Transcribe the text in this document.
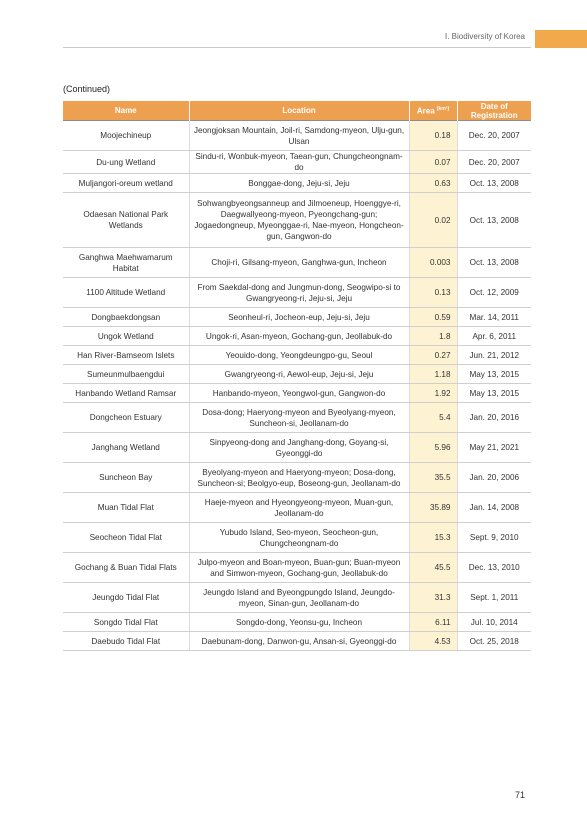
Ⅰ. Biodiversity of Korea
(Continued)
Name	Location	Area $^{(km^2)}$	Date of Registration
Moojechineup	Jeongjoksan Mountain, Joil-ri, Samdong-myeon, Ulju-gun, Ulsan	0.18	Dec. 20, 2007
Du-ung Wetland	Sindu-ri, Wonbuk-myeon, Taean-gun, Chungcheongnam-do	0.07	Dec. 20, 2007
Muljangori-oreum wetland	Bonggae-dong, Jeju-si, Jeju	0.63	Oct. 13, 2008
Odaesan National Park Wetlands	Sohwangbyeongsanneup and Jilmoeneup, Hoenggye-ri, Daegwallyeong-myeon, Pyeongchang-gun; Jogaedongneup, Myeonggae-ri, Nae-myeon, Hongcheon-gun, Gangwon-do	0.02	Oct. 13, 2008
Ganghwa Maehwamarum Habitat	Choji-ri, Gilsang-myeon, Ganghwa-gun, Incheon	0.003	Oct. 13, 2008
1100 Altitude Wetland	From Saekdal-dong and Jungmun-dong, Seogwipo-si to Gwangryeong-ri, Jeju-si, Jeju	0.13	Oct. 12, 2009
Dongbaekdongsan	Seonheul-ri, Jocheon-eup, Jeju-si, Jeju	0.59	Mar. 14, 2011
Ungok Wetland	Ungok-ri, Asan-myeon, Gochang-gun, Jeollabuk-do	1.8	Apr. 6, 2011
Han River-Bamseom Islets	Yeouido-dong, Yeongdeungpo-gu, Seoul	0.27	Jun. 21, 2012
Sumeunmulbaengdui	Gwangryeong-ri, Aewol-eup, Jeju-si, Jeju	1.18	May 13, 2015
Hanbando Wetland Ramsar	Hanbando-myeon, Yeongwol-gun, Gangwon-do	1.92	May 13, 2015
Dongcheon Estuary	Dosa-dong; Haeryong-myeon and Byeolyang-myeon, Suncheon-si, Jeollanam-do	5.4	Jan. 20, 2016
Janghang Wetland	Sinpyeong-dong and Janghang-dong, Goyang-si, Gyeonggi-do	5.96	May 21, 2021
Suncheon Bay	Byeolyang-myeon and Haeryong-myeon; Dosa-dong, Suncheon-si; Beolgyo-eup, Boseong-gun, Jeollanam-do	35.5	Jan. 20, 2006
Muan Tidal Flat	Haeje-myeon and Hyeongyeong-myeon, Muan-gun, Jeollanam-do	35.89	Jan. 14, 2008
Seocheon Tidal Flat	Yubudo Island, Seo-myeon, Seocheon-gun, Chungcheongnam-do	15.3	Sept. 9, 2010
Gochang & Buan Tidal Flats	Julpo-myeon and Boan-myeon, Buan-gun; Buan-myeon and Simwon-myeon, Gochang-gun, Jeollabuk-do	45.5	Dec. 13, 2010
Jeungdo Tidal Flat	Jeungdo Island and Byeongpungdo Island, Jeungdo-myeon, Sinan-gun, Jeollanam-do	31.3	Sept. 1, 2011
Songdo Tidal Flat	Songdo-dong, Yeonsu-gu, Incheon	6.11	Jul. 10, 2014
Daebudo Tidal Flat	Daebunam-dong, Danwon-gu, Ansan-si, Gyeonggi-do	4.53	Oct. 25, 2018
71
